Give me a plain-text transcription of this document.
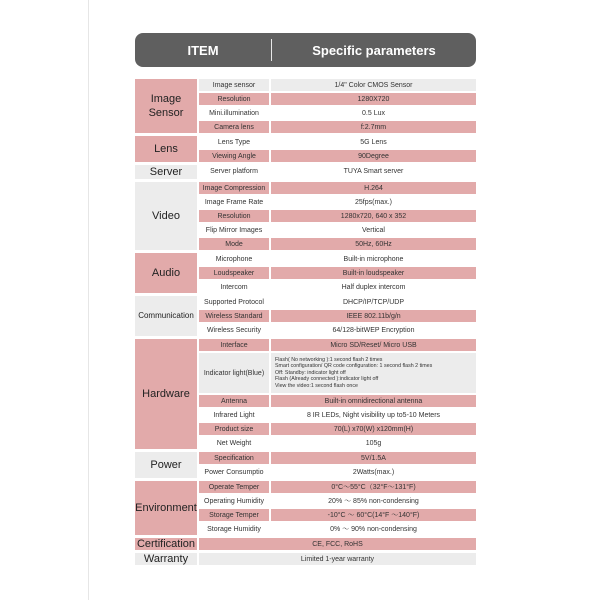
ITEM	Specific parameters
Image
Sensor
Image sensor	1/4" Color CMOS Sensor
Resolution	1280X720
Mini.illumination	0.5 Lux
Camera lens	f:2.7mm
Lens
Lens Type	5G Lens
Viewing Angle	90Degree
Server	Server platform	TUYA Smart server
Video
Image Compression	H.264
Image Frame Rate	25fps(max.)
Resolution	1280x720, 640 x 352
Flip Mirror Images	Vertical
Mode	50Hz, 60Hz
Audio
Microphone	Built-in microphone
Loudspeaker	Built-in loudspeaker
Intercom	Half duplex intercom
Communication
Supported Protocol	DHCP/IP/TCP/UDP
Wireless Standard	IEEE 802.11b/g/n
Wireless Security	64/128-bitWEP Encryption
Hardware
Interface	Micro SD/Reset/ Micro USB
Indicator light(Blue)
Flash( No networking ):1 second flash 2 times
Smart configuration/ QR code configuration: 1 second flash 2 times
Off: Standby: indicator light off
Flash (Already connected ):indicator light off
View the video:1 second flash once
Antenna	Built-in omnidirectional antenna
Infrared Light	8 IR LEDs, Night visibility up to5-10 Meters
Product size	70(L) x70(W) x120mm(H)
Net Weight	105g
Power
Specification	5V/1.5A
Power Consumptio	2Watts(max.)
Environment
Operate Temper	0°C～55°C（32°F～131°F)
Operating Humidity	20% ～ 85% non-condensing
Storage Temper	-10°C ～ 60°C(14°F ～140°F)
Storage Humidity	0% ～ 90% non-condensing
Certification	CE, FCC, RoHS
Warranty	Limited 1-year warranty
